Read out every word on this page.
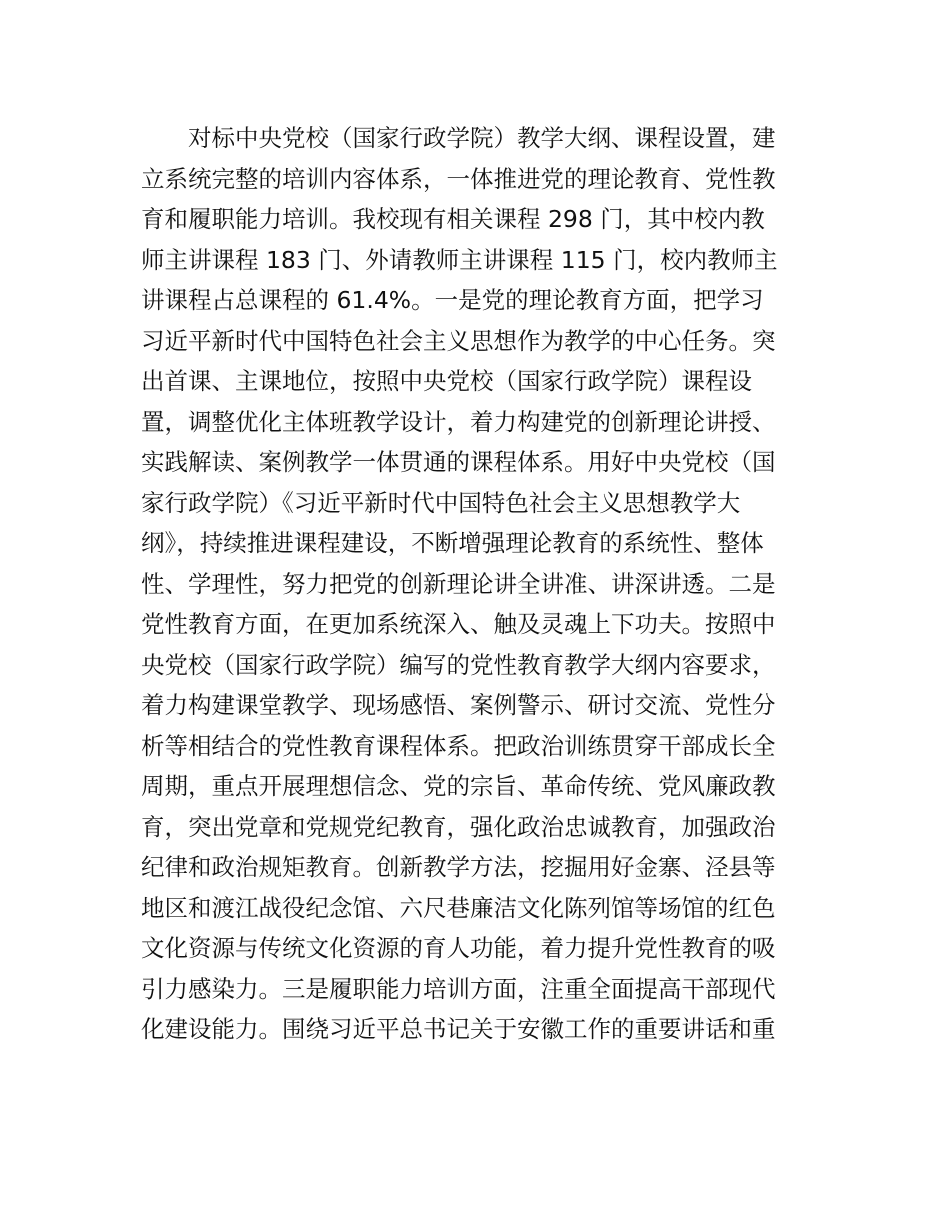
对标中央党校（国家行政学院）教学大纲、课程设置，建
立系统完整的培训内容体系，一体推进党的理论教育、党性教
育和履职能力培训。我校现有相关课程 298 门，其中校内教
师主讲课程 183 门、外请教师主讲课程 115 门，校内教师主
讲课程占总课程的 61.4%。一是党的理论教育方面，把学习
习近平新时代中国特色社会主义思想作为教学的中心任务。突
出首课、主课地位，按照中央党校（国家行政学院）课程设
置，调整优化主体班教学设计，着力构建党的创新理论讲授、
实践解读、案例教学一体贯通的课程体系。用好中央党校（国
家行政学院）《习近平新时代中国特色社会主义思想教学大
纲》，持续推进课程建设，不断增强理论教育的系统性、整体
性、学理性，努力把党的创新理论讲全讲准、讲深讲透。二是
党性教育方面，在更加系统深入、触及灵魂上下功夫。按照中
央党校（国家行政学院）编写的党性教育教学大纲内容要求，
着力构建课堂教学、现场感悟、案例警示、研讨交流、党性分
析等相结合的党性教育课程体系。把政治训练贯穿干部成长全
周期，重点开展理想信念、党的宗旨、革命传统、党风廉政教
育，突出党章和党规党纪教育，强化政治忠诚教育，加强政治
纪律和政治规矩教育。创新教学方法，挖掘用好金寨、泾县等
地区和渡江战役纪念馆、六尺巷廉洁文化陈列馆等场馆的红色
文化资源与传统文化资源的育人功能，着力提升党性教育的吸
引力感染力。三是履职能力培训方面，注重全面提高干部现代
化建设能力。围绕习近平总书记关于安徽工作的重要讲话和重
